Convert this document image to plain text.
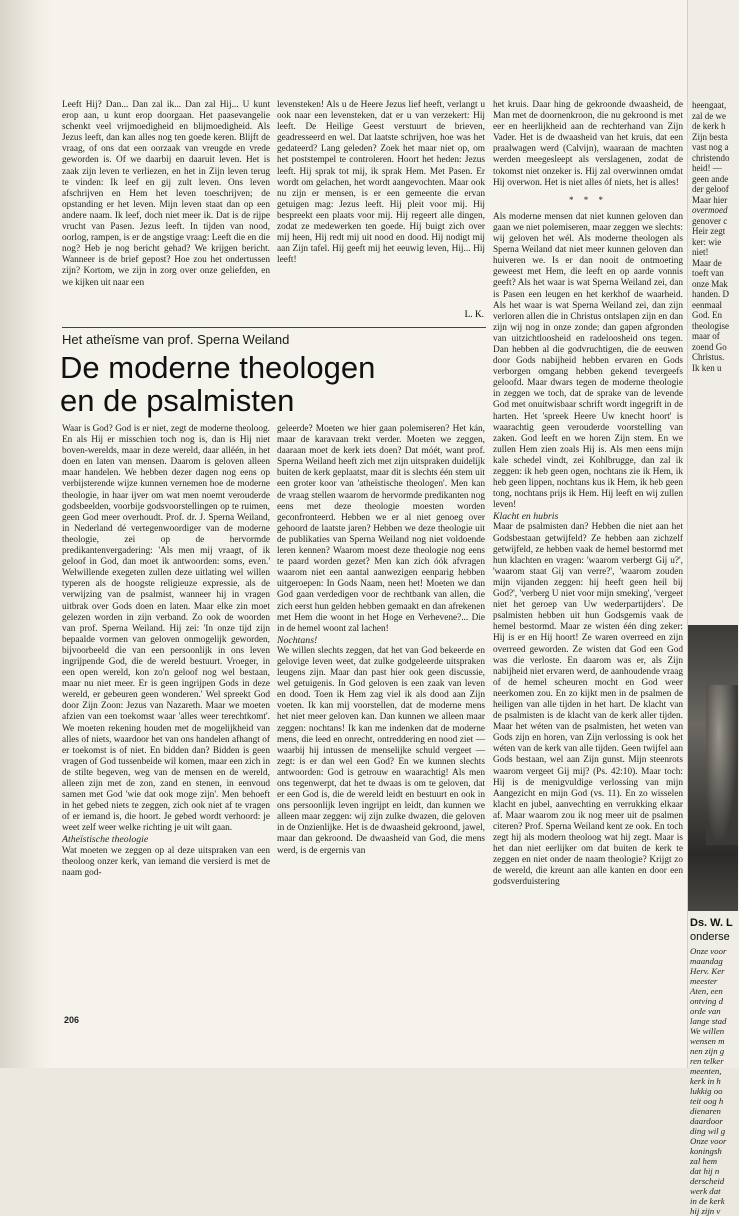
Leeft Hij? Dan... Dan zal ik... Dan zal Hij... U kunt erop aan, u kunt erop doorgaan. Het paasevangelie schenkt veel vrijmoedigheid en blijmoedigheid. Als Jezus leeft, dan kan alles nog ten goede keren. Blijft de vraag, of ons dat een oorzaak van vreugde en vrede geworden is. Of we daarbij en daaruit leven. Het is zaak zijn leven te verliezen, en het in Zijn leven terug te vinden: Ik leef en gij zult leven. Ons leven afschrijven en Hem het leven toeschrijven; de opstanding er het leven. Mijn leven staat dan op een andere naam. Ik leef, doch niet meer ik. Dat is de rijpe vrucht van Pasen. Jezus leeft. In tijden van nood, oorlog, rampen, is er de angstige vraag: Leeft die en die nog? Heb je nog bericht gehad? We krijgen bericht. Wanneer is de brief gepost? Hoe zou het ondertussen zijn? Kortom, we zijn in zorg over onze geliefden, en we kijken uit naar een

levensteken! Als u de Heere Jezus lief heeft, verlangt u ook naar een levensteken, dat er u van verzekert: Hij leeft. De Heilige Geest verstuurt de brieven, geadresseerd en wel. Dat laatste schrijven, hoe was het gedateerd? Lang geleden? Zoek het maar niet op, om het poststempel te controleren. Hoort het heden: Jezus leeft. Hij sprak tot mij, ik sprak Hem. Met Pasen. Er wordt om gelachen, het wordt aangevochten. Maar ook nu zijn er mensen, is er een gemeente die ervan getuigen mag: Jezus leeft. Hij pleit voor mij. Hij bespreekt een plaats voor mij. Hij regeert alle dingen, zodat ze medewerken ten goede. Hij buigt zich over mij heen, Hij redt mij uit nood en dood. Hij nodigt mij aan Zijn tafel. Hij geeft mij het eeuwig leven, Hij... Hij leeft!

het kruis. Daar hing de gekroonde dwaasheid, de Man met de doornenkroon, die nu gekroond is met eer en heerlijkheid aan de rechterhand van Zijn Vader. Het is de dwaasheid van het kruis, dat een praalwagen werd (Calvijn), waaraan de machten werden meegesleept als verslagenen, zodat de tokomst niet onzeker is. Hij zal overwinnen omdat Hij overwon. Het is niet alles óf niets, het is alles!

* * *

Als moderne mensen dat niet kunnen geloven dan gaan we niet polemiseren, maar zeggen we slechts: wij geloven het wél. Als moderne theologen als Sperna Weiland dat niet meer kunnen geloven dan huiveren we. Is er dan nooit de ontmoeting geweest met Hem, die leeft en op aarde vonnis geeft? Als het waar is wat Sperna Weiland zei, dan is Pasen een leugen en het kerkhof de waarheid. Als het waar is wat Sperna Weiland zei, dan zijn verloren allen die in Christus ontslapen zijn en dan zijn wij nog in onze zonde; dan gapen afgronden van uitzichtloosheid en radeloosheid ons tegen. Dan hebben al die godvruchtigen, die de eeuwen door Gods nabijheid hebben ervaren en Gods verborgen omgang hebben gekend tevergeefs geloofd. Maar dwars tegen de moderne theologie in zeggen we toch, dat de sprake van de levende God met onuitwisbaar schrift wordt ingegrift in de harten. Het 'spreek Heere Uw knecht hoort' is waarachtig geen verouderde voorstelling van zaken. God leeft en we horen Zijn stem. En we zullen Hem zien zoals Hij is. Als men eens mijn kale schedel vindt, zei Kohlbrugge, dan zal ik zeggen: ik heb geen ogen, nochtans zie ik Hem, ik heb geen lippen, nochtans kus ik Hem, ik heb geen tong, nochtans prijs ik Hem. Hij leeft en wij zullen leven!

Klacht en hubris

Maar de psalmisten dan? Hebben die niet aan het Godsbestaan getwijfeld? Ze hebben aan zichzelf getwijfeld, ze hebben vaak de hemel bestormd met hun klachten en vragen: 'waarom verbergt Gij u?', 'waarom staat Gij van verre?', 'waarom zouden mijn vijanden zeggen: hij heeft geen heil bij God?', 'verberg U niet voor mijn smeking', 'vergeet niet het geroep van Uw wederpartijders'. De psalmisten hebben uit hun Godsgemis vaak de hemel bestormd. Maar ze wisten één ding zeker: Hij is er en Hij hoort! Ze waren overreed en zijn overreed geworden. Ze wisten dat God een God was die verloste. En daarom was er, als Zijn nabijheid niet ervaren werd, de aanhoudende vraag of de hemel scheuren mocht en God weer neerkomen zou. En zo kijkt men in de psalmen de heiligen van alle tijden in het hart. De klacht van de psalmisten is de klacht van de kerk aller tijden. Maar het wéten van de psalmisten, het weten van Gods zijn en horen, van Zijn verlossing is ook het wéten van de kerk van alle tijden. Geen twijfel aan Gods bestaan, wel aan Zijn gunst. Mijn steenrots waarom vergeet Gij mij? (Ps. 42:10). Maar toch: Hij is de menigvuldige verlossing van mijn Aangezicht en mijn God (vs. 11). En zo wisselen klacht en jubel, aanvechting en verrukking elkaar af. Maar waarom zou ik nog meer uit de psalmen citeren? Prof. Sperna Weiland kent ze ook. En toch zegt hij als modern theoloog wat hij zegt. Maar is het dan niet eerlijker om dat buiten de kerk te zeggen en niet onder de naam theologie? Krijgt zo de wereld, die kreunt aan alle kanten en door een godsverduistering

L. K.
Het atheïsme van prof. Sperna Weiland
De moderne theologen en de psalmisten

Waar is God? God is er niet, zegt de moderne theoloog. En als Hij er misschien toch nog is, dan is Hij niet boven-werelds, maar in deze wereld, daar alléén, in het doen en laten van mensen. Daarom is geloven alleen maar handelen. We hebben dezer dagen nog eens op verbijsterende wijze kunnen vernemen hoe de moderne theologie, in haar ijver om wat men noemt verouderde godsbeelden, voorbije godsvoorstellingen op te ruimen, geen God meer overhoudt. Prof. dr. J. Sperna Weiland, in Nederland dé vertegenwoordiger van de moderne theologie, zei op de hervormde predikantenvergadering: 'Als men mij vraagt, of ik geloof in God, dan moet ik antwoorden: soms, even.' Welwillende exegeten zullen deze uitlating wel willen typeren als de hoogste religieuze expressie, als de verwijzing van de psalmist, wanneer hij in vragen uitbrak over Gods doen en laten. Maar elke zin moet gelezen worden in zijn verband. Zo ook de woorden van prof. Sperna Weiland. Hij zei: 'In onze tijd zijn bepaalde vormen van geloven onmogelijk geworden, bijvoorbeeld die van een persoonlijk in ons leven ingrijpende God, die de wereld bestuurt. Vroeger, in een open wereld, kon zo'n geloof nog wel bestaan, maar nu niet meer. Er is geen ingrijpen Gods in deze wereld, er gebeuren geen wonderen.' Wel spreekt God door Zijn Zoon: Jezus van Nazareth. Maar we moeten afzien van een toekomst waar 'alles weer terechtkomt'. We moeten rekening houden met de mogelijkheid van alles of niets, waardoor het van ons handelen afhangt of er toekomst is of niet. En bidden dan? Bidden is geen vragen of God tussenbeide wil komen, maar een zich in de stilte begeven, weg van de mensen en de wereld, alleen zijn met de zon, zand en stenen, in eenvoud samen met God 'wie dat ook moge zijn'. Men behoeft in het gebed niets te zeggen, zich ook niet af te vragen of er iemand is, die hoort. Je gebed wordt verhoord: je weet zelf weer welke richting je uit wilt gaan.

Atheïstische theologie

Wat moeten we zeggen op al deze uitspraken van een theoloog onzer kerk, van iemand die versierd is met de naam god-

geleerde? Moeten we hier gaan polemiseren? Het kán, maar de karavaan trekt verder. Moeten we zeggen, daaraan moet de kerk iets doen? Dat móét, want prof. Sperna Weiland heeft zich met zijn uitspraken duidelijk buiten de kerk geplaatst, maar dit is slechts één stem uit een groter koor van 'atheïstische theologen'. Men kan de vraag stellen waarom de hervormde predikanten nog eens met deze theologie moesten worden geconfronteerd. Hebben we er al niet genoeg over gehoord de laatste jaren? Hebben we deze theologie uit de publikaties van Sperna Weiland nog niet voldoende leren kennen? Waarom moest deze theologie nog eens te paard worden gezet? Men kan zich óók afvragen waarom niet een aantal aanwezigen eenparig hebben uitgeroepen: In Gods Naam, neen het! Moeten we dan God gaan verdedigen voor de rechtbank van allen, die zich eerst hun gelden hebben gemaakt en dan afrekenen met Hem die woont in het Hoge en Verhevene?... Die in de hemel woont zal lachen!

Nochtans!

We willen slechts zeggen, dat het van God bekeerde en gelovige leven weet, dat zulke godgeleerde uitspraken leugens zijn. Maar dan past hier ook geen discussie, wel getuigenis. In God geloven is een zaak van leven en dood. Toen ik Hem zag viel ik als dood aan Zijn voeten. Ik kan mij voorstellen, dat de moderne mens het niet meer geloven kan. Dan kunnen we alleen maar zeggen: nochtans! Ik kan me indenken dat de moderne mens, die leed en onrecht, ontreddering en nood ziet — waarbij hij intussen de menselijke schuld vergeet — zegt: is er dan wel een God? En we kunnen slechts antwoorden: God is getrouw en waarachtig! Als men ons tegenwerpt, dat het te dwaas is om te geloven, dat er een God is, die de wereld leidt en bestuurt en ook in ons persoonlijk leven ingrijpt en leidt, dan kunnen we alleen maar zeggen: wij zijn zulke dwazen, die geloven in de Onzienlijke. Het is de dwaasheid gekroond, jawel, maar dan gekroond. De dwaasheid van God, die mens werd, is de ergernis van

206
heengaat,
zal de we
de kerk h
Zijn besta
vast nog a
christendo
heid! —
geen ande
der geloof
Maar hier
overmoed
genover c
Heir zegt
ker: wie
niet!
Maar de
toeft van
onze Mak
handen. D
eenmaal
God. En
theologise
maar of
zoend Go
Christus.
Ik ken u
Ds. W. L
onderse
Onze voor
maandag
Herv. Ker
meester
Aten, een
ontving d
orde van
lange stad
We willen
wensen m
nen zijn g
ren telker
meenten,
kerk in h
lukkig oo
teit oog h
dienaren
daardoor
ding wil g
Onze voor
koningsh
zal hem
dat hij n
derscheid
werk dat
in de kerk
hij zijn v
